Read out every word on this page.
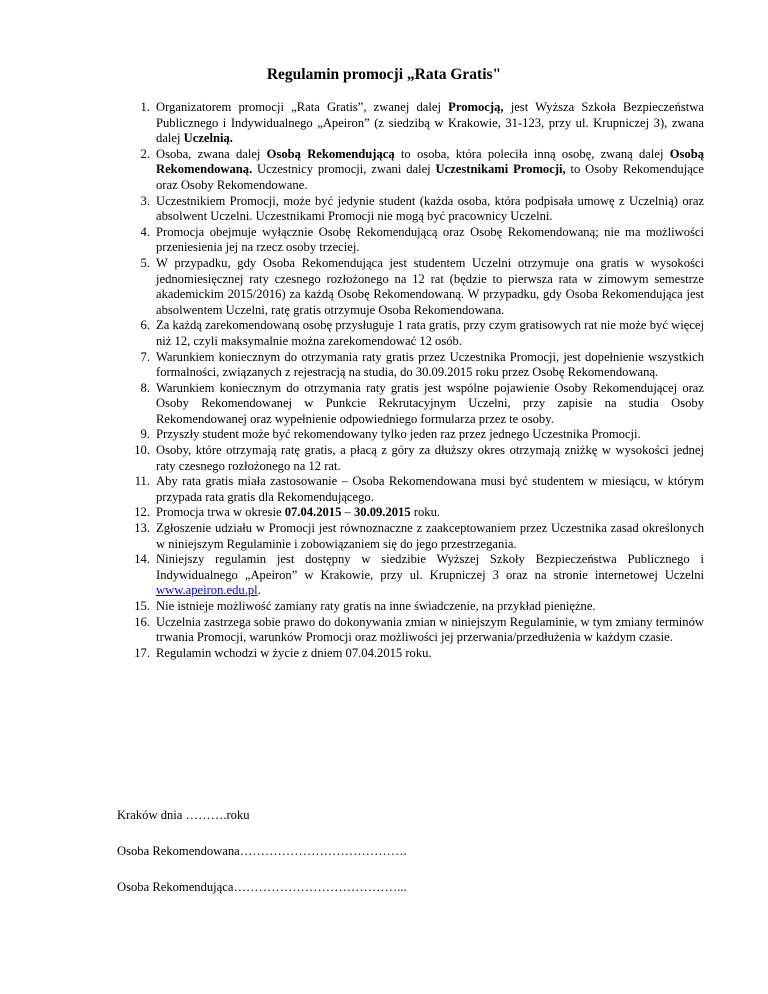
Regulamin promocji „Rata Gratis"
1. Organizatorem promocji „Rata Gratis”, zwanej dalej Promocją, jest Wyższa Szkoła Bezpieczeństwa Publicznego i Indywidualnego „Apeiron” (z siedzibą w Krakowie, 31-123, przy ul. Krupniczej 3), zwana dalej Uczelnią.
2. Osoba, zwana dalej Osobą Rekomendującą to osoba, która poleciła inną osobę, zwaną dalej Osobą Rekomendowaną. Uczestnicy promocji, zwani dalej Uczestnikami Promocji, to Osoby Rekomendujące oraz Osoby Rekomendowane.
3. Uczestnikiem Promocji, może być jedynie student (każda osoba, która podpisała umowę z Uczelnią) oraz absolwent Uczelni. Uczestnikami Promocji nie mogą być pracownicy Uczelni.
4. Promocja obejmuje wyłącznie Osobę Rekomendującą oraz Osobę Rekomendowaną; nie ma możliwości przeniesienia jej na rzecz osoby trzeciej.
5. W przypadku, gdy Osoba Rekomendująca jest studentem Uczelni otrzymuje ona gratis w wysokości jednomiesięcznej raty czesnego rozłożonego na 12 rat (będzie to pierwsza rata w zimowym semestrze akademickim 2015/2016) za każdą Osobę Rekomendowaną. W przypadku, gdy Osoba Rekomendująca jest absolwentem Uczelni, ratę gratis otrzymuje Osoba Rekomendowana.
6. Za każdą zarekomendowaną osobę przysługuje 1 rata gratis, przy czym gratisowych rat nie może być więcej niż 12, czyli maksymalnie można zarekomendować 12 osób.
7. Warunkiem koniecznym do otrzymania raty gratis przez Uczestnika Promocji, jest dopełnienie wszystkich formalności, związanych z rejestracją na studia, do 30.09.2015 roku przez Osobę Rekomendowaną.
8. Warunkiem koniecznym do otrzymania raty gratis jest wspólne pojawienie Osoby Rekomendującej oraz Osoby Rekomendowanej w Punkcie Rekrutacyjnym Uczelni, przy zapisie na studia Osoby Rekomendowanej oraz wypełnienie odpowiedniego formularza przez te osoby.
9. Przyszły student może być rekomendowany tylko jeden raz przez jednego Uczestnika Promocji.
10. Osoby, które otrzymają ratę gratis, a płacą z góry za dłuższy okres otrzymają zniżkę w wysokości jednej raty czesnego rozłożonego na 12 rat.
11. Aby rata gratis miała zastosowanie – Osoba Rekomendowana musi być studentem w miesiącu, w którym przypada rata gratis dla Rekomendującego.
12. Promocja trwa w okresie 07.04.2015 – 30.09.2015 roku.
13. Zgłoszenie udziału w Promocji jest równoznaczne z zaakceptowaniem przez Uczestnika zasad określonych w niniejszym Regulaminie i zobowiązaniem się do jego przestrzegania.
14. Niniejszy regulamin jest dostępny w siedzibie Wyższej Szkoły Bezpieczeństwa Publicznego i Indywidualnego „Apeiron” w Krakowie, przy ul. Krupniczej 3 oraz na stronie internetowej Uczelni www.apeiron.edu.pl.
15. Nie istnieje możliwość zamiany raty gratis na inne świadczenie, na przykład pieniężne.
16. Uczelnia zastrzega sobie prawo do dokonywania zmian w niniejszym Regulaminie, w tym zmiany terminów trwania Promocji, warunków Promocji oraz możliwości jej przerwania/przedłużenia w każdym czasie.
17. Regulamin wchodzi w życie z dniem 07.04.2015 roku.
Kraków dnia ……….roku
Osoba Rekomendowana………………………………….
Osoba Rekomendująca…………………………………...
